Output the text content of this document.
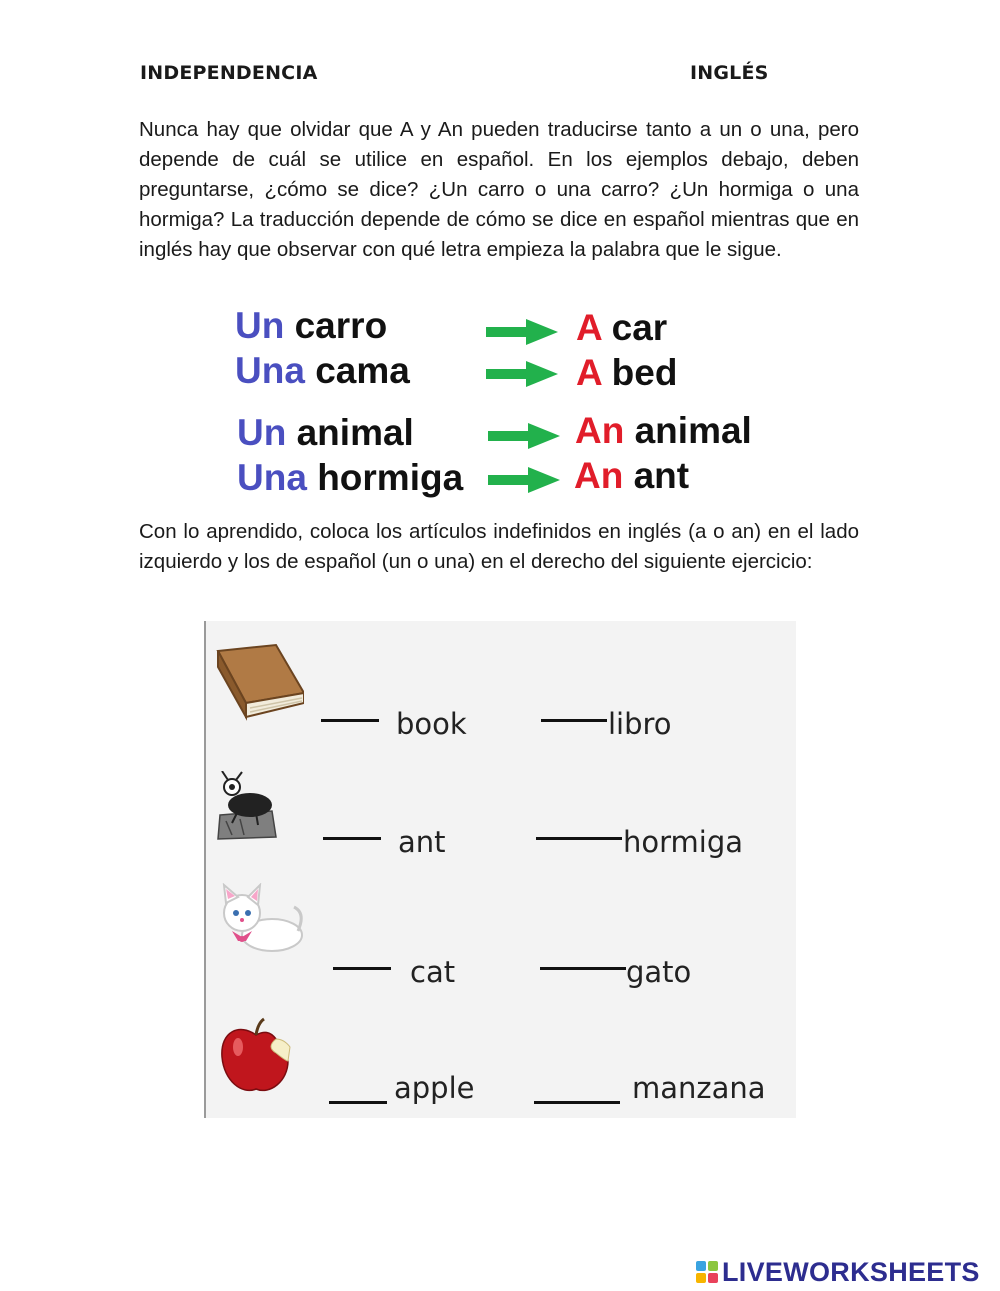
INDEPENDENCIA	INGLÉS

Nunca hay que olvidar que A y An pueden traducirse tanto a un o una, pero depende de cuál se utilice en español. En los ejemplos debajo, deben preguntarse, ¿cómo se dice? ¿Un carro o una carro? ¿Un hormiga o una hormiga? La traducción depende de cómo se dice en español mientras que en inglés hay que observar con qué letra empieza la palabra que le sigue.

Un carro	A car
Una cama	A bed
Un animal	An animal
Una hormiga	An ant

Con lo aprendido, coloca los artículos indefinidos en inglés (a o an) en el lado izquierdo y los de español (un o una) en el derecho del siguiente ejercicio:

book	libro
ant	hormiga
cat	gato
apple	manzana
LIVEWORKSHEETS
